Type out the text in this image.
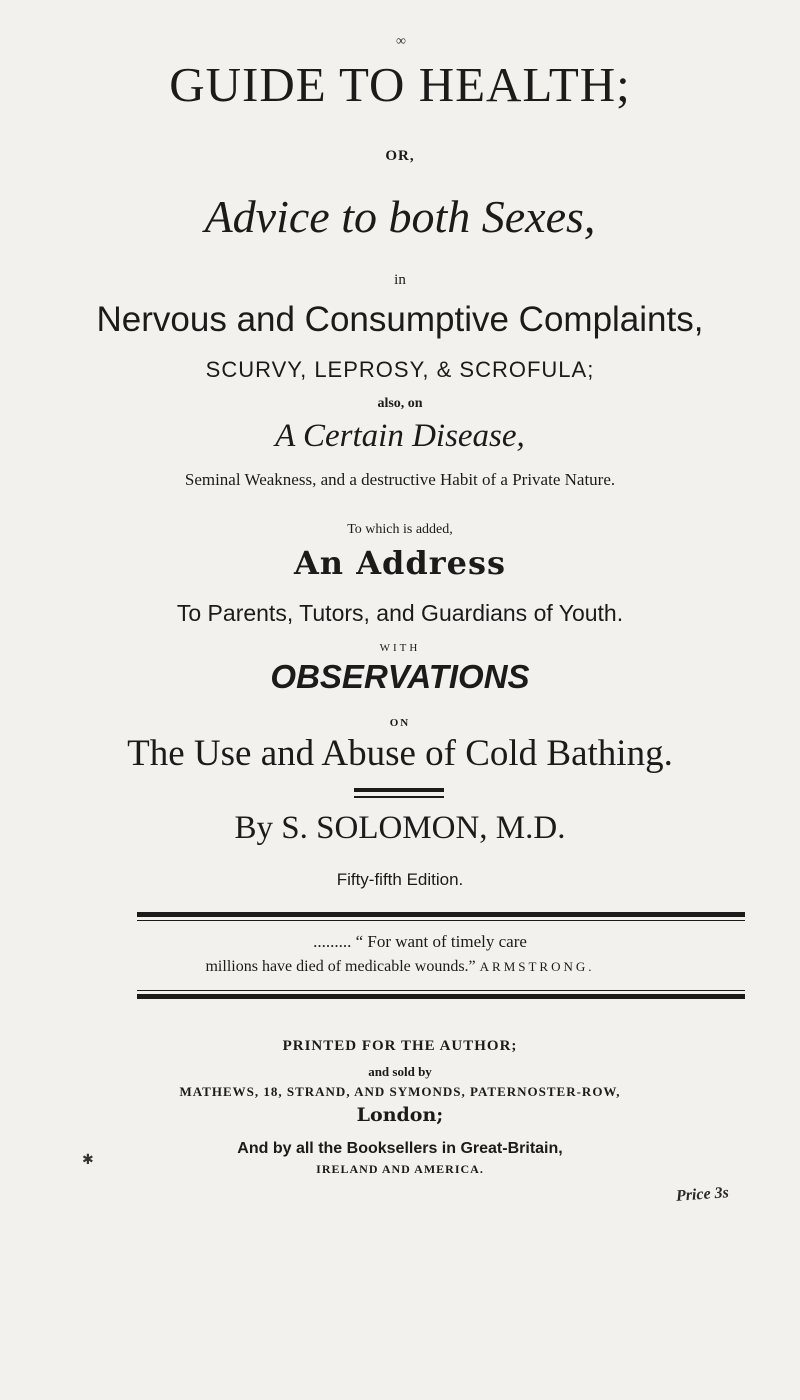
∞
GUIDE TO HEALTH;
OR,
Advice to both Sexes,
in
Nervous and Consumptive Complaints,
SCURVY, LEPROSY, & SCROFULA;
also, on
A Certain Disease,
Seminal Weakness, and a destructive Habit of a Private Nature.
To which is added,
An Address
To Parents, Tutors, and Guardians of Youth.
WITH
OBSERVATIONS
ON
The Use and Abuse of Cold Bathing.
By S. SOLOMON, M.D.
Fifty-fifth Edition.
......... “ For want of timely care
millions have died of medicable wounds.” ARMSTRONG.
PRINTED FOR THE AUTHOR;
and sold by
MATHEWS, 18, STRAND, AND SYMONDS, PATERNOSTER-ROW,
London;
And by all the Booksellers in Great-Britain,
IRELAND AND AMERICA.
Price 3s
✱
